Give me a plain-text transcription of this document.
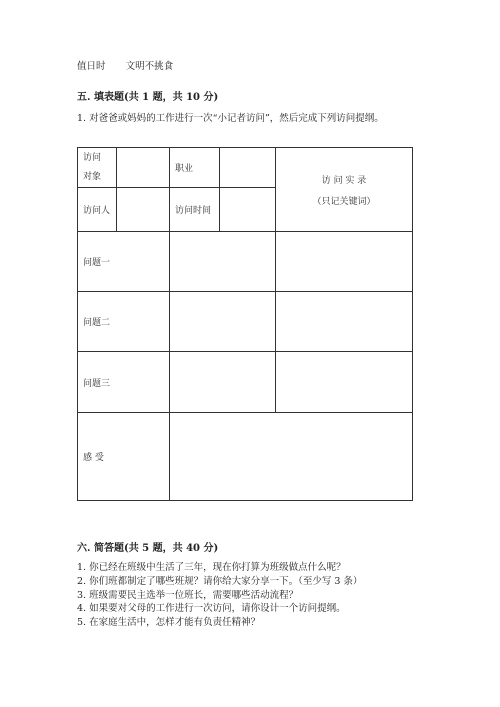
值日时 文明不挑食
五. 填表题(共 1 题，共 10 分)
1. 对爸爸或妈妈的工作进行一次“小记者访问”，然后完成下列访问提纲。
访问对象		职业		访 问 实 录
（只记关键词）

访问人		访问时间		
问题一				
问题二				
问题三				
感 受				
六. 简答题(共 5 题，共 40 分)
1. 你已经在班级中生活了三年，现在你打算为班级做点什么呢？
2. 你们班都制定了哪些班规？请你给大家分享一下。（至少写 3 条）
3. 班级需要民主选举一位班长，需要哪些活动流程？
4. 如果要对父母的工作进行一次访问，请你设计一个访问提纲。
5. 在家庭生活中，怎样才能有负责任精神？
